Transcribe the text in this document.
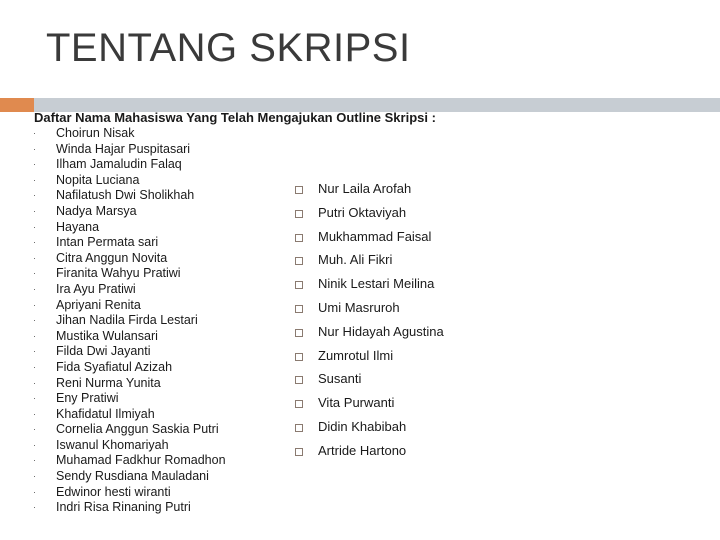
TENTANG SKRIPSI
Daftar Nama Mahasiswa Yang Telah Mengajukan Outline Skripsi :
· Choirun Nisak
· Winda Hajar Puspitasari
· Ilham Jamaludin Falaq
· Nopita Luciana
· Nafilatush Dwi Sholikhah
· Nadya Marsya
· Hayana
· Intan Permata sari
· Citra Anggun Novita
· Firanita Wahyu Pratiwi
· Ira Ayu Pratiwi
· Apriyani Renita
· Jihan Nadila Firda Lestari
· Mustika Wulansari
· Filda Dwi Jayanti
· Fida Syafiatul Azizah
· Reni Nurma Yunita
· Eny Pratiwi
· Khafidatul Ilmiyah
· Cornelia Anggun Saskia Putri
· Iswanul Khomariyah
· Muhamad Fadkhur Romadhon
· Sendy Rusdiana Mauladani
· Edwinor hesti wiranti
· Indri Risa Rinaning Putri
Nur Laila Arofah
Putri Oktaviyah
Mukhammad Faisal
Muh. Ali Fikri
Ninik Lestari Meilina
Umi Masruroh
Nur Hidayah Agustina
Zumrotul Ilmi
Susanti
Vita Purwanti
Didin Khabibah
Artride Hartono
